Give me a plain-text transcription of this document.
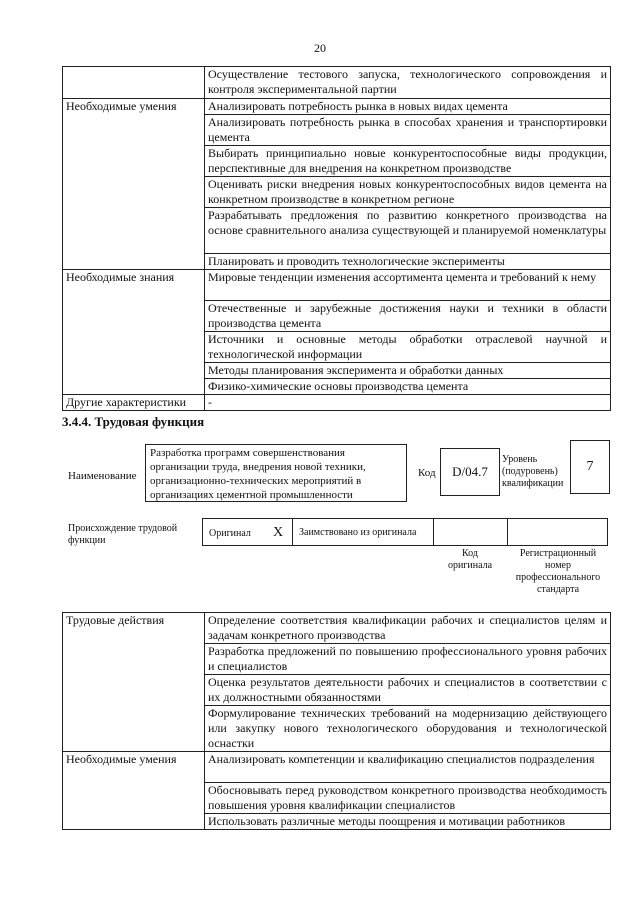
20
	Осуществление тестового запуска, технологического сопровождения и контроля экспериментальной партии
Необходимые умения	Анализировать потребность рынка в новых видах цемента
	Анализировать потребность рынка в способах хранения и транспортировки цемента
	Выбирать принципиально новые конкурентоспособные виды продукции, перспективные для внедрения на конкретном производстве
	Оценивать риски внедрения новых конкурентоспособных видов цемента на конкретном производстве в конкретном регионе
	Разрабатывать предложения по развитию конкретного производства на основе сравнительного анализа существующей и планируемой номенклатуры
	Планировать и проводить технологические эксперименты
Необходимые знания	Мировые тенденции изменения ассортимента цемента и требований к нему
	Отечественные и зарубежные достижения науки и техники в области производства цемента
	Источники и основные методы обработки отраслевой научной и технологической информации
	Методы планирования эксперимента и обработки данных
	Физико-химические основы производства цемента
Другие характеристики	-
3.4.4. Трудовая функция
Наименование
Разработка программ совершенствования организации труда, внедрения новой техники, организационно-технических мероприятий в организациях цементной промышленности
Код	D/04.7
Уровень (подуровень) квалификации
7
Происхождение трудовой функции
Оригинал X Заимствовано из оригинала
Код оригинала
Регистрационный номер профессионального стандарта
Трудовые действия	Определение соответствия квалификации рабочих и специалистов целям и задачам конкретного производства
	Разработка предложений по повышению профессионального уровня рабочих и специалистов
	Оценка результатов деятельности рабочих и специалистов в соответствии с их должностными обязанностями
	Формулирование технических требований на модернизацию действующего или закупку нового технологического оборудования и технологической оснастки
Необходимые умения	Анализировать компетенции и квалификацию специалистов подразделения
	Обосновывать перед руководством конкретного производства необходимость повышения уровня квалификации специалистов
	Использовать различные методы поощрения и мотивации работников
